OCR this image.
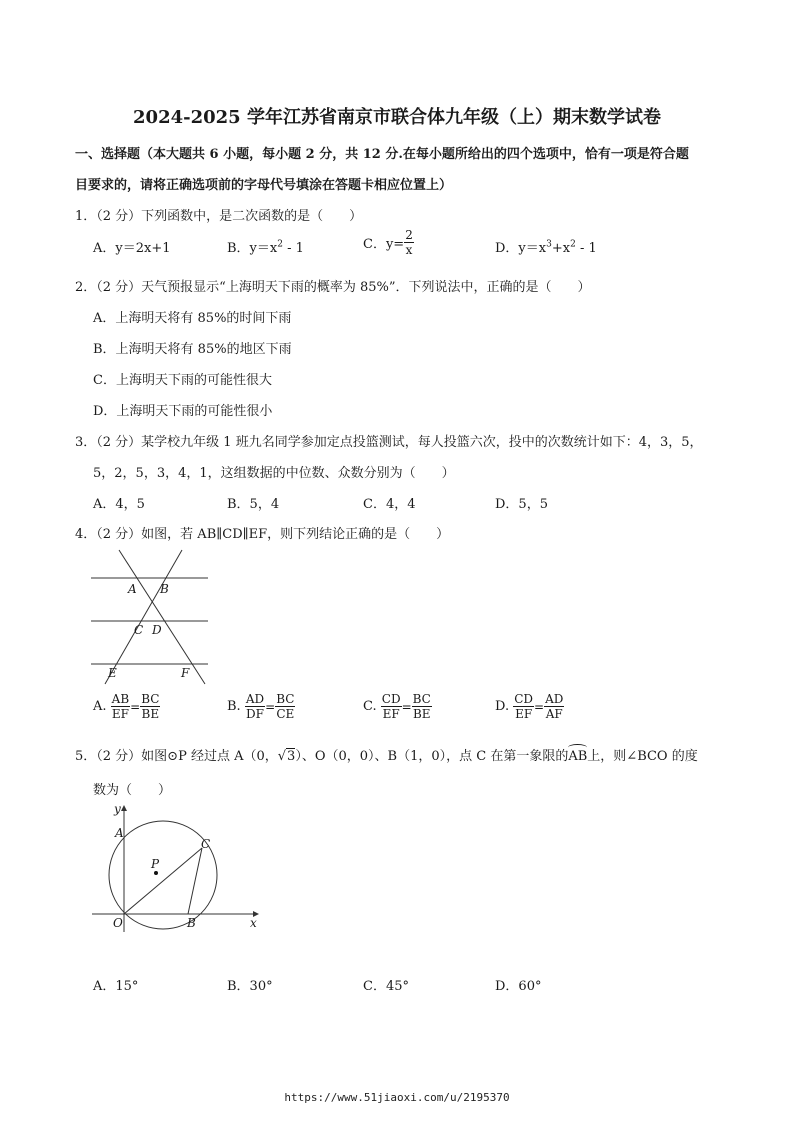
2024-2025 学年江苏省南京市联合体九年级（上）期末数学试卷
一、选择题（本大题共 6 小题，每小题 2 分，共 12 分.在每小题所给出的四个选项中，恰有一项是符合题
目要求的，请将正确选项前的字母代号填涂在答题卡相应位置上）
1．（2 分）下列函数中，是二次函数的是（　　）
A．y＝2x+1	B．$y=x^2 - 1$	C．$y= \frac{2}{x}$	D．$y=x^3+x^2 - 1$
2．（2 分）天气预报显示“上海明天下雨的概率为 85%”．下列说法中，正确的是（　　）
A．上海明天将有 85%的时间下雨
B．上海明天将有 85%的地区下雨
C．上海明天下雨的可能性很大
D．上海明天下雨的可能性很小
3．（2 分）某学校九年级 1 班九名同学参加定点投篮测试，每人投篮六次，投中的次数统计如下：4，3，5，
5，2，5，3，4，1，这组数据的中位数、众数分别为（　　）
A．4，5	B．5，4	C．4，4	D．5，5
4．（2 分）如图，若 AB∥CD∥EF，则下列结论正确的是（　　）
A B
C D
E	F
A. $\frac{AB}{EF} = \frac{BC}{BE}$	B. $\frac{AD}{DF} = \frac{BC}{CE}$	C. $\frac{CD}{EF} = \frac{BC}{BE}$	D. $\frac{CD}{EF} = \frac{AD}{AF}$
5．（2 分）如图⊙P 经过点 A（0，√3）、O（0，0）、B（1，0），点 C 在第一象限的AB上，则∠BCO 的度
数为（　　）
y
x
A
P
C
O	B
A．15°	B．30°	C．45°	D．60°
https://www.51jiaoxi.com/u/2195370
